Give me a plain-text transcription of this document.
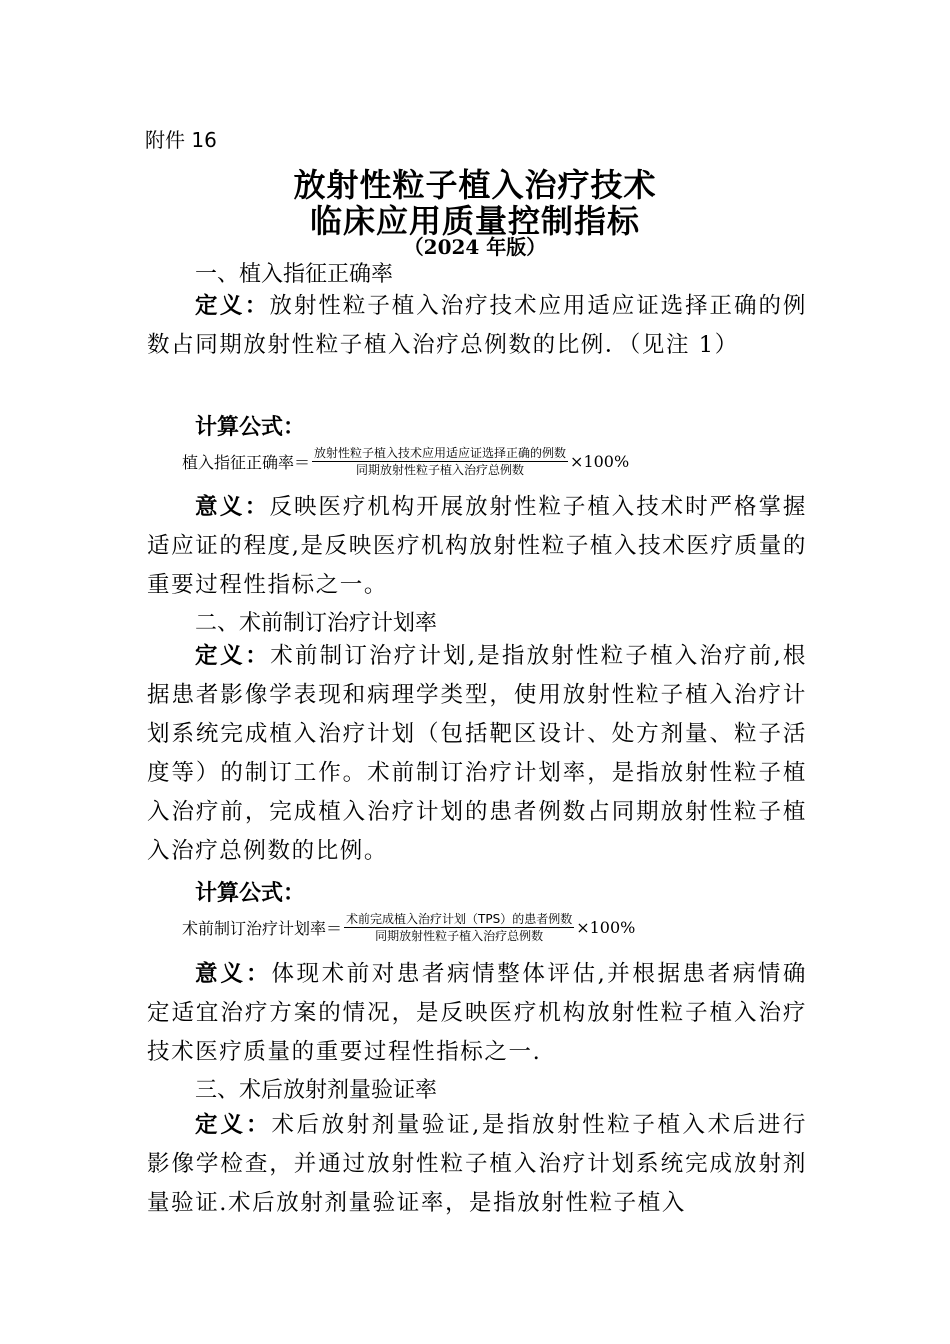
附件 16
放射性粒子植入治疗技术
临床应用质量控制指标
（2024 年版）
一、植入指征正确率
定义：放射性粒子植入治疗技术应用适应证选择正确的例数占同期放射性粒子植入治疗总例数的比例．（见注 1）
计算公式：
植入指征正确率＝ $\frac{\text{放射性粒子植入技术应用适应证选择正确的例数}}{\text{同期放射性粒子植入治疗总例数}} \times 100\%$
意义：反映医疗机构开展放射性粒子植入技术时严格掌握适应证的程度,是反映医疗机构放射性粒子植入技术医疗质量的重要过程性指标之一。
二、术前制订治疗计划率
定义：术前制订治疗计划,是指放射性粒子植入治疗前,根据患者影像学表现和病理学类型，使用放射性粒子植入治疗计划系统完成植入治疗计划（包括靶区设计、处方剂量、粒子活度等）的制订工作。术前制订治疗计划率，是指放射性粒子植入治疗前，完成植入治疗计划的患者例数占同期放射性粒子植入治疗总例数的比例。
计算公式：
术前制订治疗计划率＝ $\frac{\text{术前完成植入治疗计划（TPS）的患者例数}}{\text{同期放射性粒子植入治疗总例数}} \times 100\%$
意义：体现术前对患者病情整体评估,并根据患者病情确定适宜治疗方案的情况，是反映医疗机构放射性粒子植入治疗技术医疗质量的重要过程性指标之一.
三、术后放射剂量验证率
定义：术后放射剂量验证,是指放射性粒子植入术后进行影像学检查，并通过放射性粒子植入治疗计划系统完成放射剂量验证.术后放射剂量验证率，是指放射性粒子植入
